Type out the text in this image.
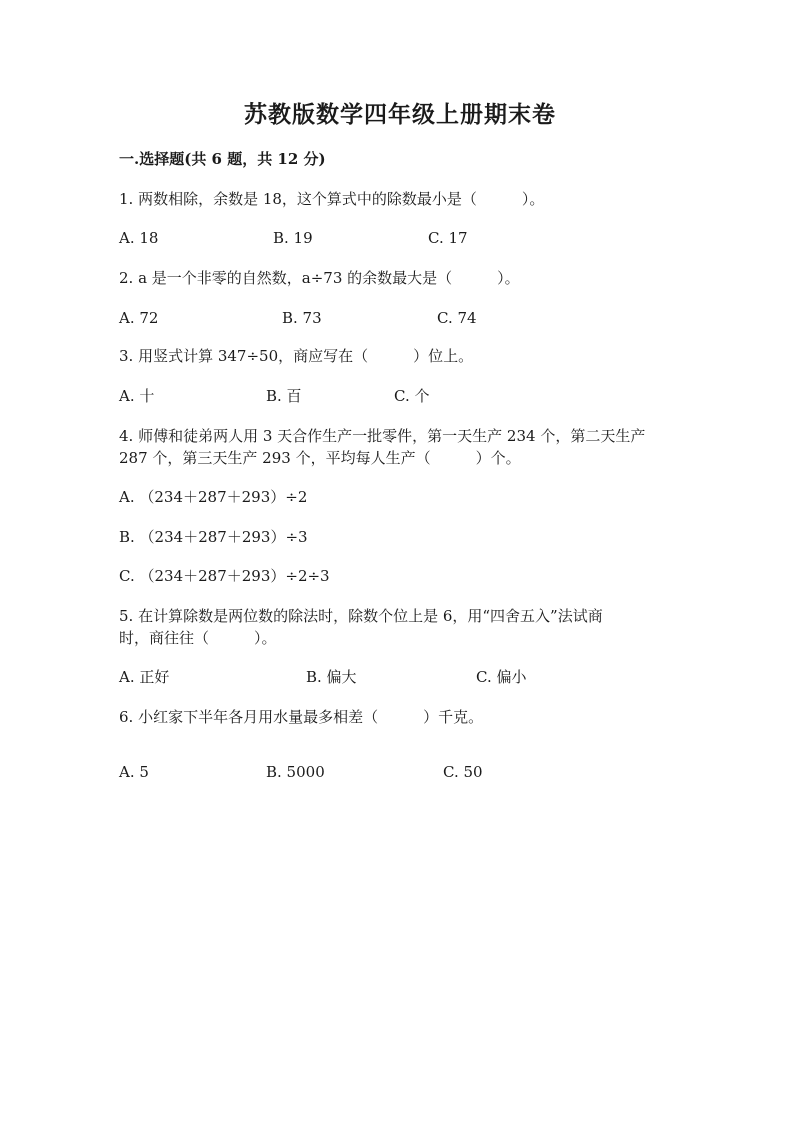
苏教版数学四年级上册期末卷
一.选择题(共 6 题，共 12 分)
1. 两数相除，余数是 18，这个算式中的除数最小是（　　　）。
A. 18	B. 19	C. 17
2. a 是一个非零的自然数，a÷73 的余数最大是（　　　）。
A. 72	B. 73	C. 74
3. 用竖式计算 347÷50，商应写在（　　　）位上。
A. 十	B. 百	C. 个
4. 师傅和徒弟两人用 3 天合作生产一批零件，第一天生产 234 个，第二天生产
287 个，第三天生产 293 个，平均每人生产（　　　）个。
A. （234＋287＋293）÷2
B. （234＋287＋293）÷3
C. （234＋287＋293）÷2÷3
5. 在计算除数是两位数的除法时，除数个位上是 6，用“四舍五入”法试商
时，商往往（　　　）。
A. 正好	B. 偏大	C. 偏小
6. 小红家下半年各月用水量最多相差（　　　）千克。
A. 5	B. 5000	C. 50
